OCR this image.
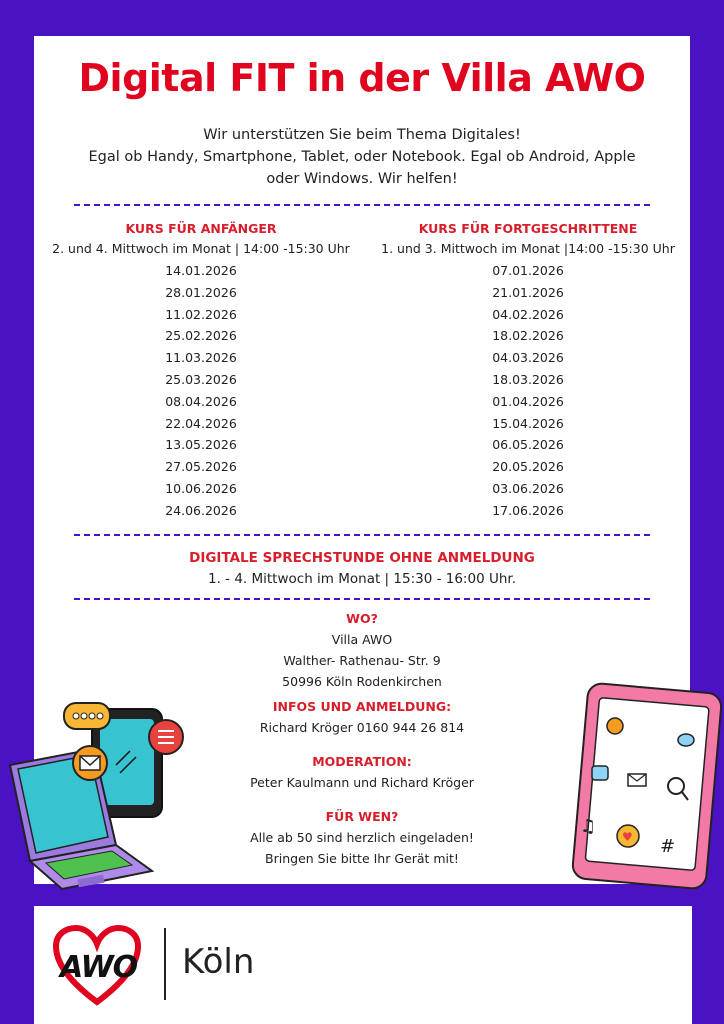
Digital FIT in der Villa AWO
Wir unterstützen Sie beim Thema Digitales!
Egal ob Handy, Smartphone, Tablet, oder Notebook. Egal ob Android, Apple
oder Windows. Wir helfen!
KURS FÜR ANFÄNGER
2. und 4. Mittwoch im Monat | 14:00 -15:30 Uhr
14.01.2026
28.01.2026
11.02.2026
25.02.2026
11.03.2026
25.03.2026
08.04.2026
22.04.2026
13.05.2026
27.05.2026
10.06.2026
24.06.2026
KURS FÜR FORTGESCHRITTENE
1. und 3. Mittwoch im Monat |14:00 -15:30 Uhr
07.01.2026
21.01.2026
04.02.2026
18.02.2026
04.03.2026
18.03.2026
01.04.2026
15.04.2026
06.05.2026
20.05.2026
03.06.2026
17.06.2026
DIGITALE SPRECHSTUNDE OHNE ANMELDUNG
1. - 4. Mittwoch im Monat | 15:30 - 16:00 Uhr.
WO?
Villa AWO
Walther- Rathenau- Str. 9
50996 Köln Rodenkirchen
INFOS UND ANMELDUNG:
Richard Kröger 0160 944 26 814
MODERATION:
Peter Kaulmann und Richard Kröger
FÜR WEN?
Alle ab 50 sind herzlich eingeladen!
Bringen Sie bitte Ihr Gerät mit!
♫ ♥ #
AWO Köln
